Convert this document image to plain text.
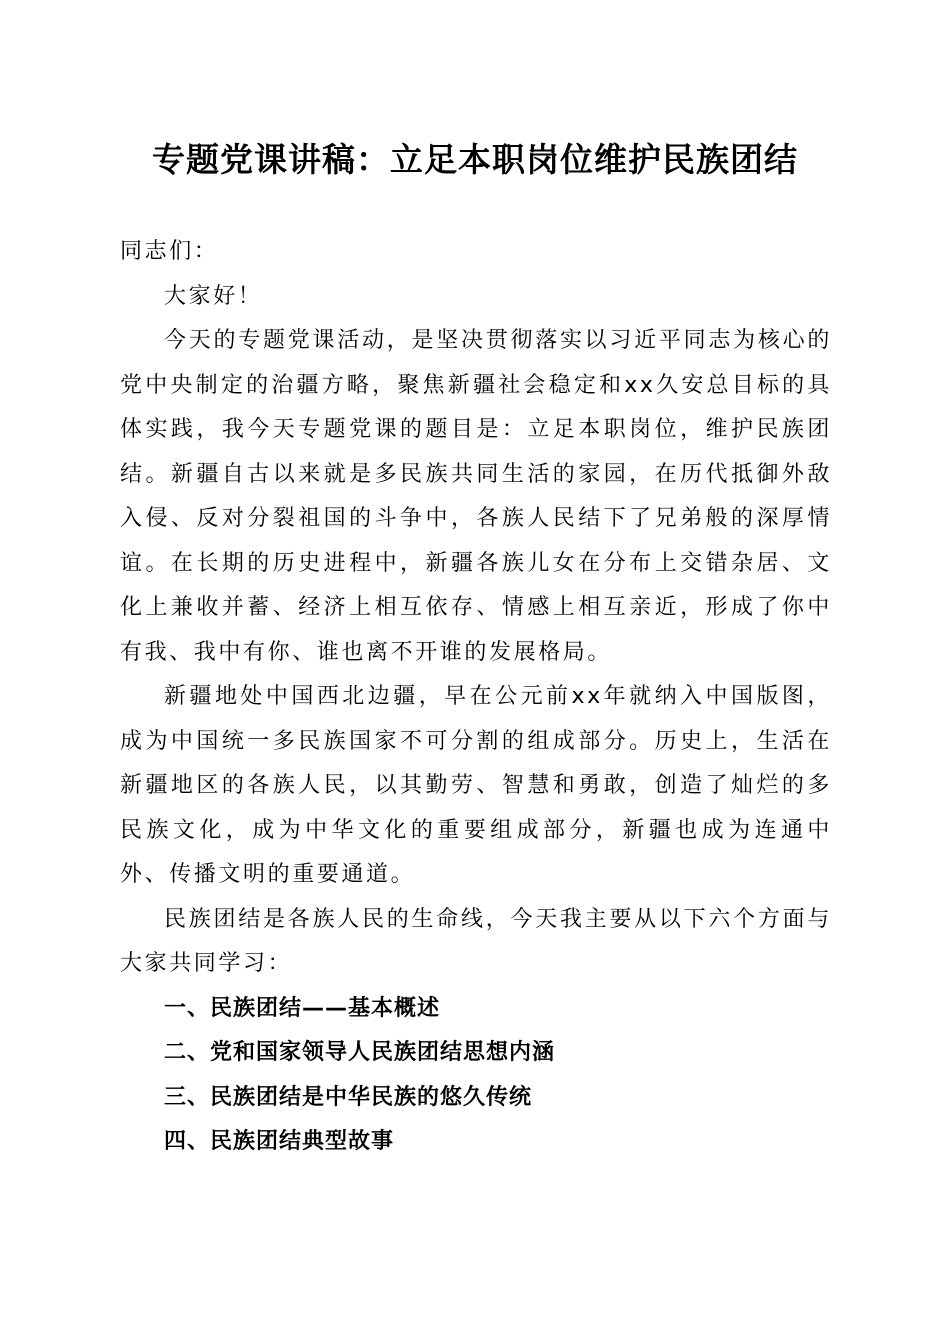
专题党课讲稿：立足本职岗位维护民族团结

同志们：

大家好！

今天的专题党课活动，是坚决贯彻落实以习近平同志为核心的党中央制定的治疆方略，聚焦新疆社会稳定和xx久安总目标的具体实践，我今天专题党课的题目是：立足本职岗位，维护民族团结。新疆自古以来就是多民族共同生活的家园，在历代抵御外敌入侵、反对分裂祖国的斗争中，各族人民结下了兄弟般的深厚情谊。在长期的历史进程中，新疆各族儿女在分布上交错杂居、文化上兼收并蓄、经济上相互依存、情感上相互亲近，形成了你中有我、我中有你、谁也离不开谁的发展格局。

新疆地处中国西北边疆，早在公元前xx年就纳入中国版图，成为中国统一多民族国家不可分割的组成部分。历史上，生活在新疆地区的各族人民，以其勤劳、智慧和勇敢，创造了灿烂的多民族文化，成为中华文化的重要组成部分，新疆也成为连通中外、传播文明的重要通道。

民族团结是各族人民的生命线，今天我主要从以下六个方面与大家共同学习：

一、民族团结——基本概述

二、党和国家领导人民族团结思想内涵

三、民族团结是中华民族的悠久传统

四、民族团结典型故事
